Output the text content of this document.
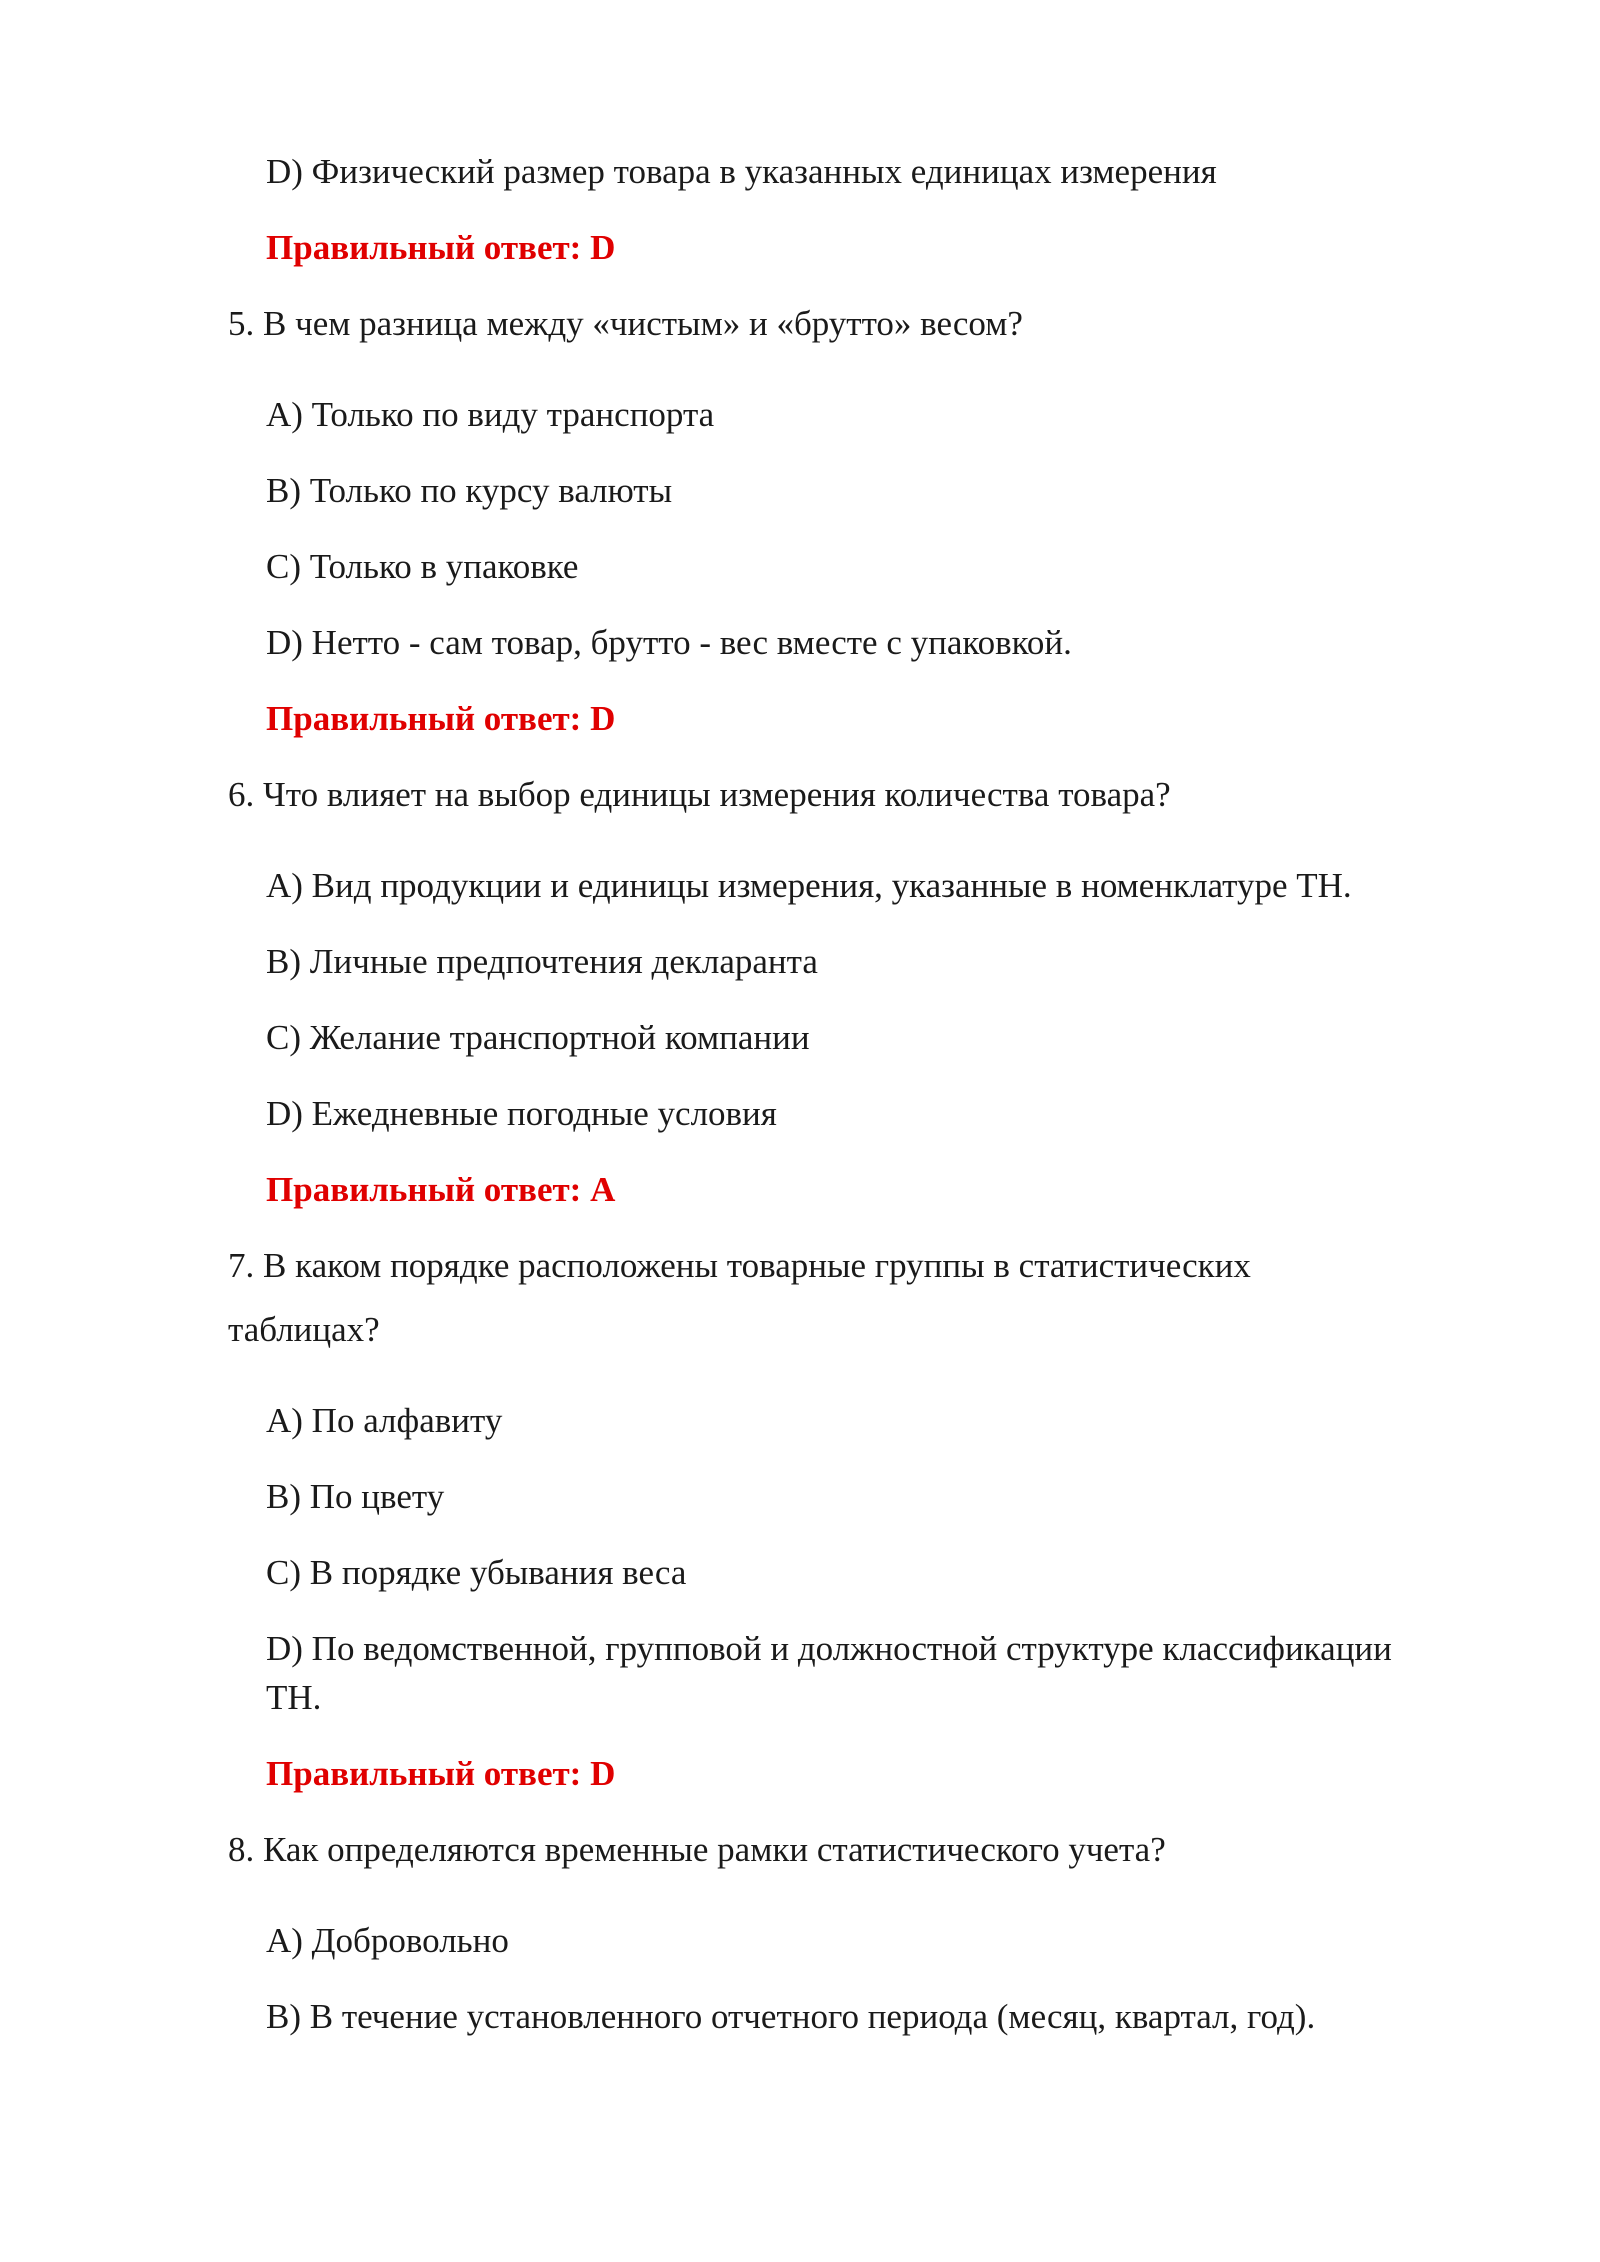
D) Физический размер товара в указанных единицах измерения
Правильный ответ: D
5. В чем разница между «чистым» и «брутто» весом?
A) Только по виду транспорта
B) Только по курсу валюты
C) Только в упаковке
D) Нетто - сам товар, брутто - вес вместе с упаковкой.
Правильный ответ: D
6. Что влияет на выбор единицы измерения количества товара?
A) Вид продукции и единицы измерения, указанные в номенклатуре ТН.
B) Личные предпочтения декларанта
C) Желание транспортной компании
D) Ежедневные погодные условия
Правильный ответ: A
7. В каком порядке расположены товарные группы в статистических
таблицах?
A) По алфавиту
B) По цвету
C) В порядке убывания веса
D) По ведомственной, групповой и должностной структуре классификации
ТН.
Правильный ответ: D
8. Как определяются временные рамки статистического учета?
A) Добровольно
B) В течение установленного отчетного периода (месяц, квартал, год).
